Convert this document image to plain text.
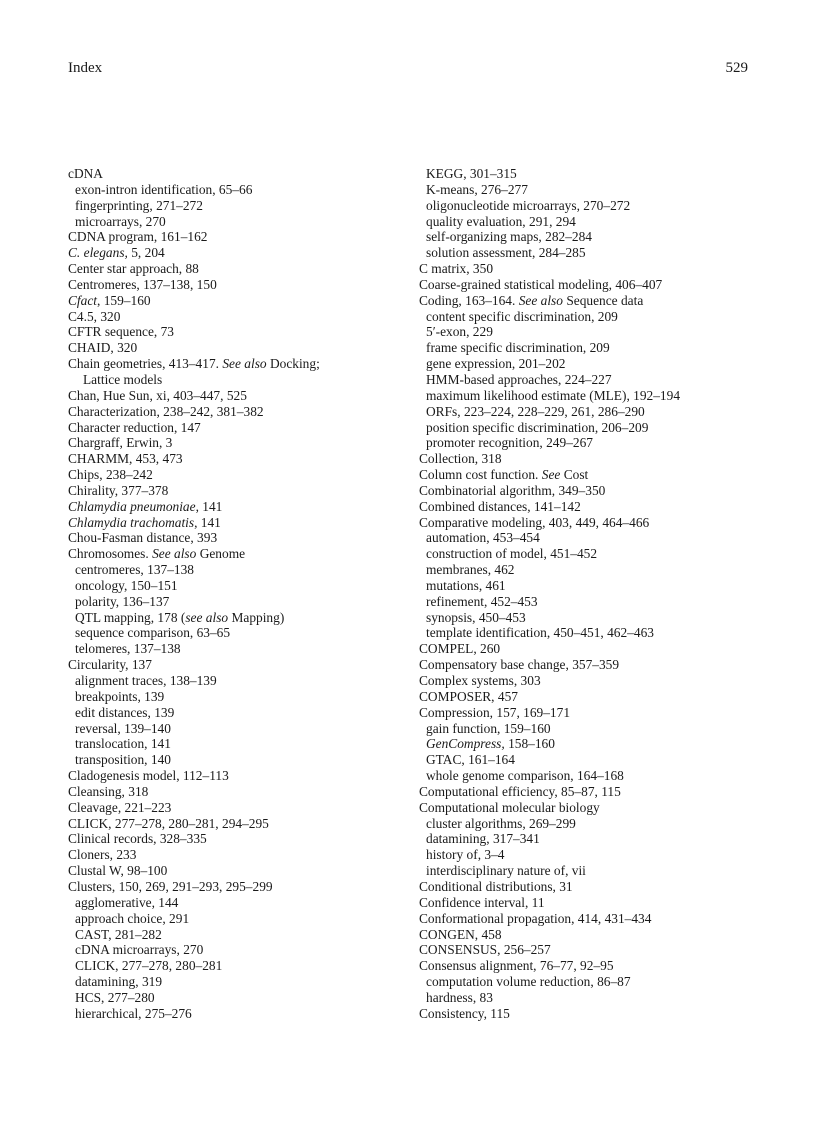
Index	529
cDNA
exon-intron identification, 65–66
fingerprinting, 271–272
microarrays, 270
CDNA program, 161–162
C. elegans, 5, 204
Center star approach, 88
Centromeres, 137–138, 150
Cfact, 159–160
C4.5, 320
CFTR sequence, 73
CHAID, 320
Chain geometries, 413–417. See also Docking;
Lattice models
Chan, Hue Sun, xi, 403–447, 525
Characterization, 238–242, 381–382
Character reduction, 147
Chargraff, Erwin, 3
CHARMM, 453, 473
Chips, 238–242
Chirality, 377–378
Chlamydia pneumoniae, 141
Chlamydia trachomatis, 141
Chou-Fasman distance, 393
Chromosomes. See also Genome
centromeres, 137–138
oncology, 150–151
polarity, 136–137
QTL mapping, 178 (see also Mapping)
sequence comparison, 63–65
telomeres, 137–138
Circularity, 137
alignment traces, 138–139
breakpoints, 139
edit distances, 139
reversal, 139–140
translocation, 141
transposition, 140
Cladogenesis model, 112–113
Cleansing, 318
Cleavage, 221–223
CLICK, 277–278, 280–281, 294–295
Clinical records, 328–335
Cloners, 233
Clustal W, 98–100
Clusters, 150, 269, 291–293, 295–299
agglomerative, 144
approach choice, 291
CAST, 281–282
cDNA microarrays, 270
CLICK, 277–278, 280–281
datamining, 319
HCS, 277–280
hierarchical, 275–276
KEGG, 301–315
K-means, 276–277
oligonucleotide microarrays, 270–272
quality evaluation, 291, 294
self-organizing maps, 282–284
solution assessment, 284–285
C matrix, 350
Coarse-grained statistical modeling, 406–407
Coding, 163–164. See also Sequence data
content specific discrimination, 209
5′-exon, 229
frame specific discrimination, 209
gene expression, 201–202
HMM-based approaches, 224–227
maximum likelihood estimate (MLE), 192–194
ORFs, 223–224, 228–229, 261, 286–290
position specific discrimination, 206–209
promoter recognition, 249–267
Collection, 318
Column cost function. See Cost
Combinatorial algorithm, 349–350
Combined distances, 141–142
Comparative modeling, 403, 449, 464–466
automation, 453–454
construction of model, 451–452
membranes, 462
mutations, 461
refinement, 452–453
synopsis, 450–453
template identification, 450–451, 462–463
COMPEL, 260
Compensatory base change, 357–359
Complex systems, 303
COMPOSER, 457
Compression, 157, 169–171
gain function, 159–160
GenCompress, 158–160
GTAC, 161–164
whole genome comparison, 164–168
Computational efficiency, 85–87, 115
Computational molecular biology
cluster algorithms, 269–299
datamining, 317–341
history of, 3–4
interdisciplinary nature of, vii
Conditional distributions, 31
Confidence interval, 11
Conformational propagation, 414, 431–434
CONGEN, 458
CONSENSUS, 256–257
Consensus alignment, 76–77, 92–95
computation volume reduction, 86–87
hardness, 83
Consistency, 115
